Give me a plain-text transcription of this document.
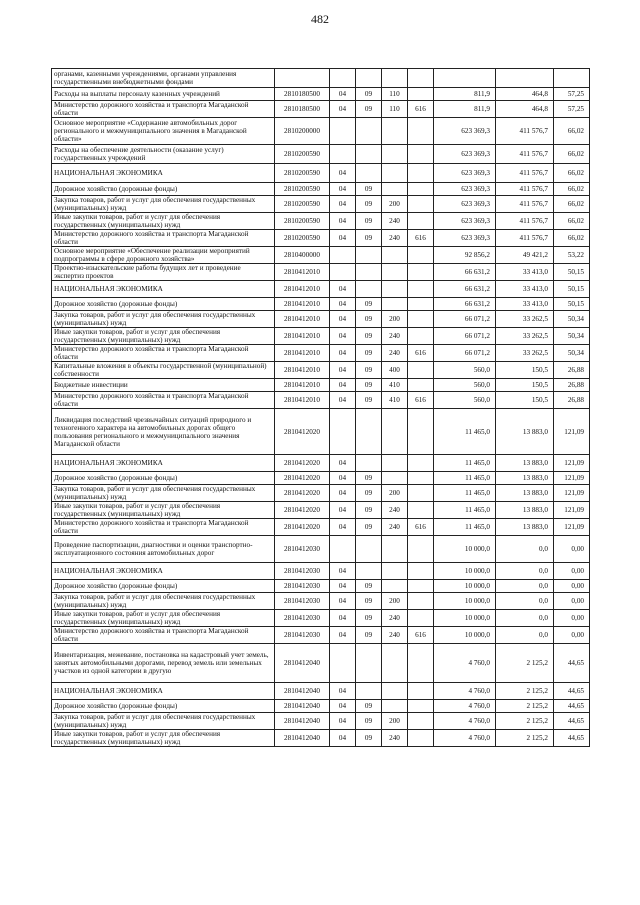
482
органами, казенными учреждениями, органами управления государственными внебюджетными фондами								
Расходы на выплаты персоналу казенных учреждений	2810180500	04	09	110		811,9	464,8	57,25
Министерство дорожного хозяйства и транспорта Магаданской области	2810180500	04	09	110	616	811,9	464,8	57,25
Основное мероприятие «Содержание автомобильных дорог регионального и межмуниципального значения в Магаданской области»	2810200000					623 369,3	411 576,7	66,02
Расходы на обеспечение деятельности (оказание услуг) государственных учреждений	2810200590					623 369,3	411 576,7	66,02
НАЦИОНАЛЬНАЯ ЭКОНОМИКА	2810200590	04				623 369,3	411 576,7	66,02
Дорожное хозяйство (дорожные фонды)	2810200590	04	09			623 369,3	411 576,7	66,02
Закупка товаров, работ и услуг для обеспечения государственных (муниципальных) нужд	2810200590	04	09	200		623 369,3	411 576,7	66,02
Иные закупки товаров, работ и услуг для обеспечения государственных (муниципальных) нужд	2810200590	04	09	240		623 369,3	411 576,7	66,02
Министерство дорожного хозяйства и транспорта Магаданской области	2810200590	04	09	240	616	623 369,3	411 576,7	66,02
Основное мероприятие «Обеспечение реализации мероприятий подпрограммы в сфере дорожного хозяйства»	2810400000					92 856,2	49 421,2	53,22
Проектно-изыскательские работы будущих лет и проведение экспертиз проектов	2810412010					66 631,2	33 413,0	50,15
НАЦИОНАЛЬНАЯ ЭКОНОМИКА	2810412010	04				66 631,2	33 413,0	50,15
Дорожное хозяйство (дорожные фонды)	2810412010	04	09			66 631,2	33 413,0	50,15
Закупка товаров, работ и услуг для обеспечения государственных (муниципальных) нужд	2810412010	04	09	200		66 071,2	33 262,5	50,34
Иные закупки товаров, работ и услуг для обеспечения государственных (муниципальных) нужд	2810412010	04	09	240		66 071,2	33 262,5	50,34
Министерство дорожного хозяйства и транспорта Магаданской области	2810412010	04	09	240	616	66 071,2	33 262,5	50,34
Капитальные вложения в объекты государственной (муниципальной) собственности	2810412010	04	09	400		560,0	150,5	26,88
Бюджетные инвестиции	2810412010	04	09	410		560,0	150,5	26,88
Министерство дорожного хозяйства и транспорта Магаданской области	2810412010	04	09	410	616	560,0	150,5	26,88
Ликвидация последствий чрезвычайных ситуаций природного и техногенного характера на автомобильных дорогах общего пользования регионального и межмуниципального значения Магаданской области	2810412020					11 465,0	13 883,0	121,09
НАЦИОНАЛЬНАЯ ЭКОНОМИКА	2810412020	04				11 465,0	13 883,0	121,09
Дорожное хозяйство (дорожные фонды)	2810412020	04	09			11 465,0	13 883,0	121,09
Закупка товаров, работ и услуг для обеспечения государственных (муниципальных) нужд	2810412020	04	09	200		11 465,0	13 883,0	121,09
Иные закупки товаров, работ и услуг для обеспечения государственных (муниципальных) нужд	2810412020	04	09	240		11 465,0	13 883,0	121,09
Министерство дорожного хозяйства и транспорта Магаданской области	2810412020	04	09	240	616	11 465,0	13 883,0	121,09
Проведение паспортизации, диагностики и оценки транспортно-эксплуатационного состояния автомобильных дорог	2810412030					10 000,0	0,0	0,00
НАЦИОНАЛЬНАЯ ЭКОНОМИКА	2810412030	04				10 000,0	0,0	0,00
Дорожное хозяйство (дорожные фонды)	2810412030	04	09			10 000,0	0,0	0,00
Закупка товаров, работ и услуг для обеспечения государственных (муниципальных) нужд	2810412030	04	09	200		10 000,0	0,0	0,00
Иные закупки товаров, работ и услуг для обеспечения государственных (муниципальных) нужд	2810412030	04	09	240		10 000,0	0,0	0,00
Министерство дорожного хозяйства и транспорта Магаданской области	2810412030	04	09	240	616	10 000,0	0,0	0,00
Инвентаризация, межевание, постановка на кадастровый учет земель, занятых автомобильными дорогами, перевод земель или земельных участков из одной категории в другую	2810412040					4 760,0	2 125,2	44,65
НАЦИОНАЛЬНАЯ ЭКОНОМИКА	2810412040	04				4 760,0	2 125,2	44,65
Дорожное хозяйство (дорожные фонды)	2810412040	04	09			4 760,0	2 125,2	44,65
Закупка товаров, работ и услуг для обеспечения государственных (муниципальных) нужд	2810412040	04	09	200		4 760,0	2 125,2	44,65
Иные закупки товаров, работ и услуг для обеспечения государственных (муниципальных) нужд	2810412040	04	09	240		4 760,0	2 125,2	44,65
